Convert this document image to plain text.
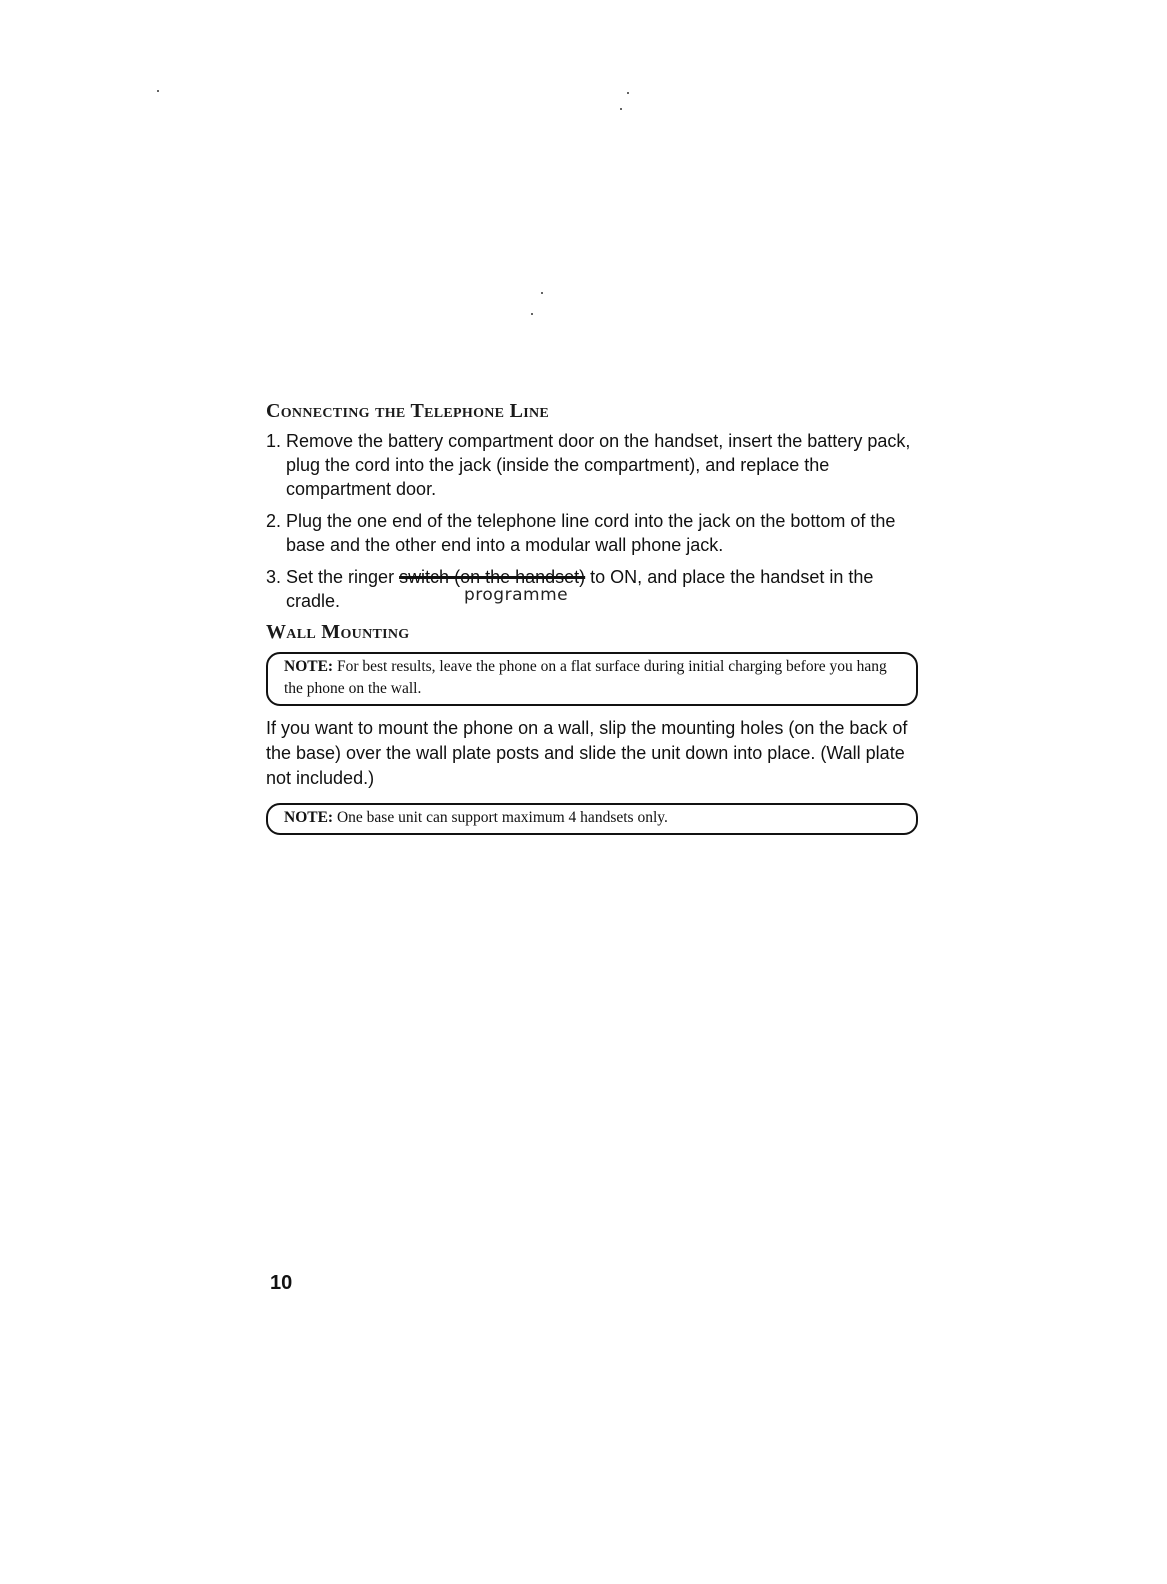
Connecting the Telephone Line
1. Remove the battery compartment door on the handset, insert the battery pack, plug the cord into the jack (inside the compartment), and replace the compartment door.
2. Plug the one end of the telephone line cord into the jack on the bottom of the base and the other end into a modular wall phone jack.
3. Set the ringer switch (on the handset) to ON, and place the handset in the cradle.	programme
Wall Mounting
NOTE: For best results, leave the phone on a flat surface during initial charging before you hang the phone on the wall.

If you want to mount the phone on a wall, slip the mounting holes (on the back of the base) over the wall plate posts and slide the unit down into place. (Wall plate not included.)

NOTE: One base unit can support maximum 4 handsets only.
10
